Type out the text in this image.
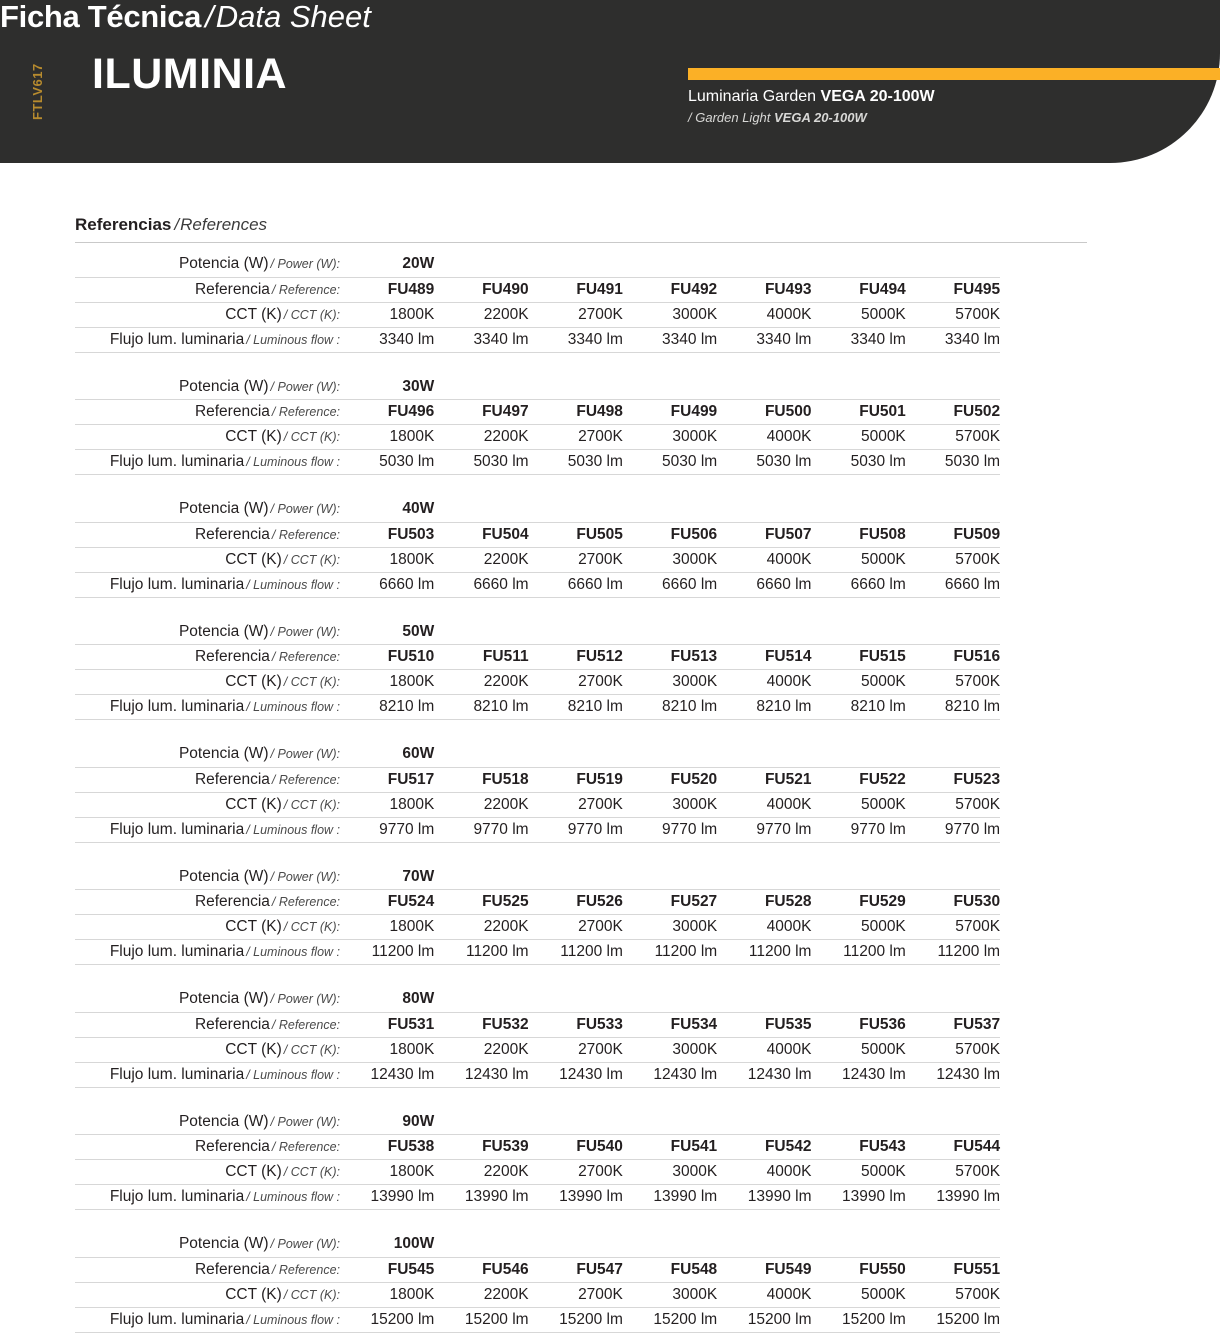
FTLV617 ILUMINIA
Ficha Técnica /Data Sheet
Luminaria Garden VEGA 20-100W
/ Garden Light VEGA 20-100W
Referencias /References
Potencia (W) / Power (W):	20W						
Referencia / Reference:	FU489	FU490	FU491	FU492	FU493	FU494	FU495
CCT (K) / CCT (K):	1800K	2200K	2700K	3000K	4000K	5000K	5700K
Flujo lum. luminaria / Luminous flow :	3340 lm	3340 lm	3340 lm	3340 lm	3340 lm	3340 lm	3340 lm
Potencia (W) / Power (W):	30W						
Referencia / Reference:	FU496	FU497	FU498	FU499	FU500	FU501	FU502
CCT (K) / CCT (K):	1800K	2200K	2700K	3000K	4000K	5000K	5700K
Flujo lum. luminaria / Luminous flow :	5030 lm	5030 lm	5030 lm	5030 lm	5030 lm	5030 lm	5030 lm
Potencia (W) / Power (W):	40W						
Referencia / Reference:	FU503	FU504	FU505	FU506	FU507	FU508	FU509
CCT (K) / CCT (K):	1800K	2200K	2700K	3000K	4000K	5000K	5700K
Flujo lum. luminaria / Luminous flow :	6660 lm	6660 lm	6660 lm	6660 lm	6660 lm	6660 lm	6660 lm
Potencia (W) / Power (W):	50W						
Referencia / Reference:	FU510	FU511	FU512	FU513	FU514	FU515	FU516
CCT (K) / CCT (K):	1800K	2200K	2700K	3000K	4000K	5000K	5700K
Flujo lum. luminaria / Luminous flow :	8210 lm	8210 lm	8210 lm	8210 lm	8210 lm	8210 lm	8210 lm
Potencia (W) / Power (W):	60W						
Referencia / Reference:	FU517	FU518	FU519	FU520	FU521	FU522	FU523
CCT (K) / CCT (K):	1800K	2200K	2700K	3000K	4000K	5000K	5700K
Flujo lum. luminaria / Luminous flow :	9770 lm	9770 lm	9770 lm	9770 lm	9770 lm	9770 lm	9770 lm
Potencia (W) / Power (W):	70W						
Referencia / Reference:	FU524	FU525	FU526	FU527	FU528	FU529	FU530
CCT (K) / CCT (K):	1800K	2200K	2700K	3000K	4000K	5000K	5700K
Flujo lum. luminaria / Luminous flow :	11200 lm	11200 lm	11200 lm	11200 lm	11200 lm	11200 lm	11200 lm
Potencia (W) / Power (W):	80W						
Referencia / Reference:	FU531	FU532	FU533	FU534	FU535	FU536	FU537
CCT (K) / CCT (K):	1800K	2200K	2700K	3000K	4000K	5000K	5700K
Flujo lum. luminaria / Luminous flow :	12430 lm	12430 lm	12430 lm	12430 lm	12430 lm	12430 lm	12430 lm
Potencia (W) / Power (W):	90W						
Referencia / Reference:	FU538	FU539	FU540	FU541	FU542	FU543	FU544
CCT (K) / CCT (K):	1800K	2200K	2700K	3000K	4000K	5000K	5700K
Flujo lum. luminaria / Luminous flow :	13990 lm	13990 lm	13990 lm	13990 lm	13990 lm	13990 lm	13990 lm
Potencia (W) / Power (W):	100W						
Referencia / Reference:	FU545	FU546	FU547	FU548	FU549	FU550	FU551
CCT (K) / CCT (K):	1800K	2200K	2700K	3000K	4000K	5000K	5700K
Flujo lum. luminaria / Luminous flow :	15200 lm	15200 lm	15200 lm	15200 lm	15200 lm	15200 lm	15200 lm
